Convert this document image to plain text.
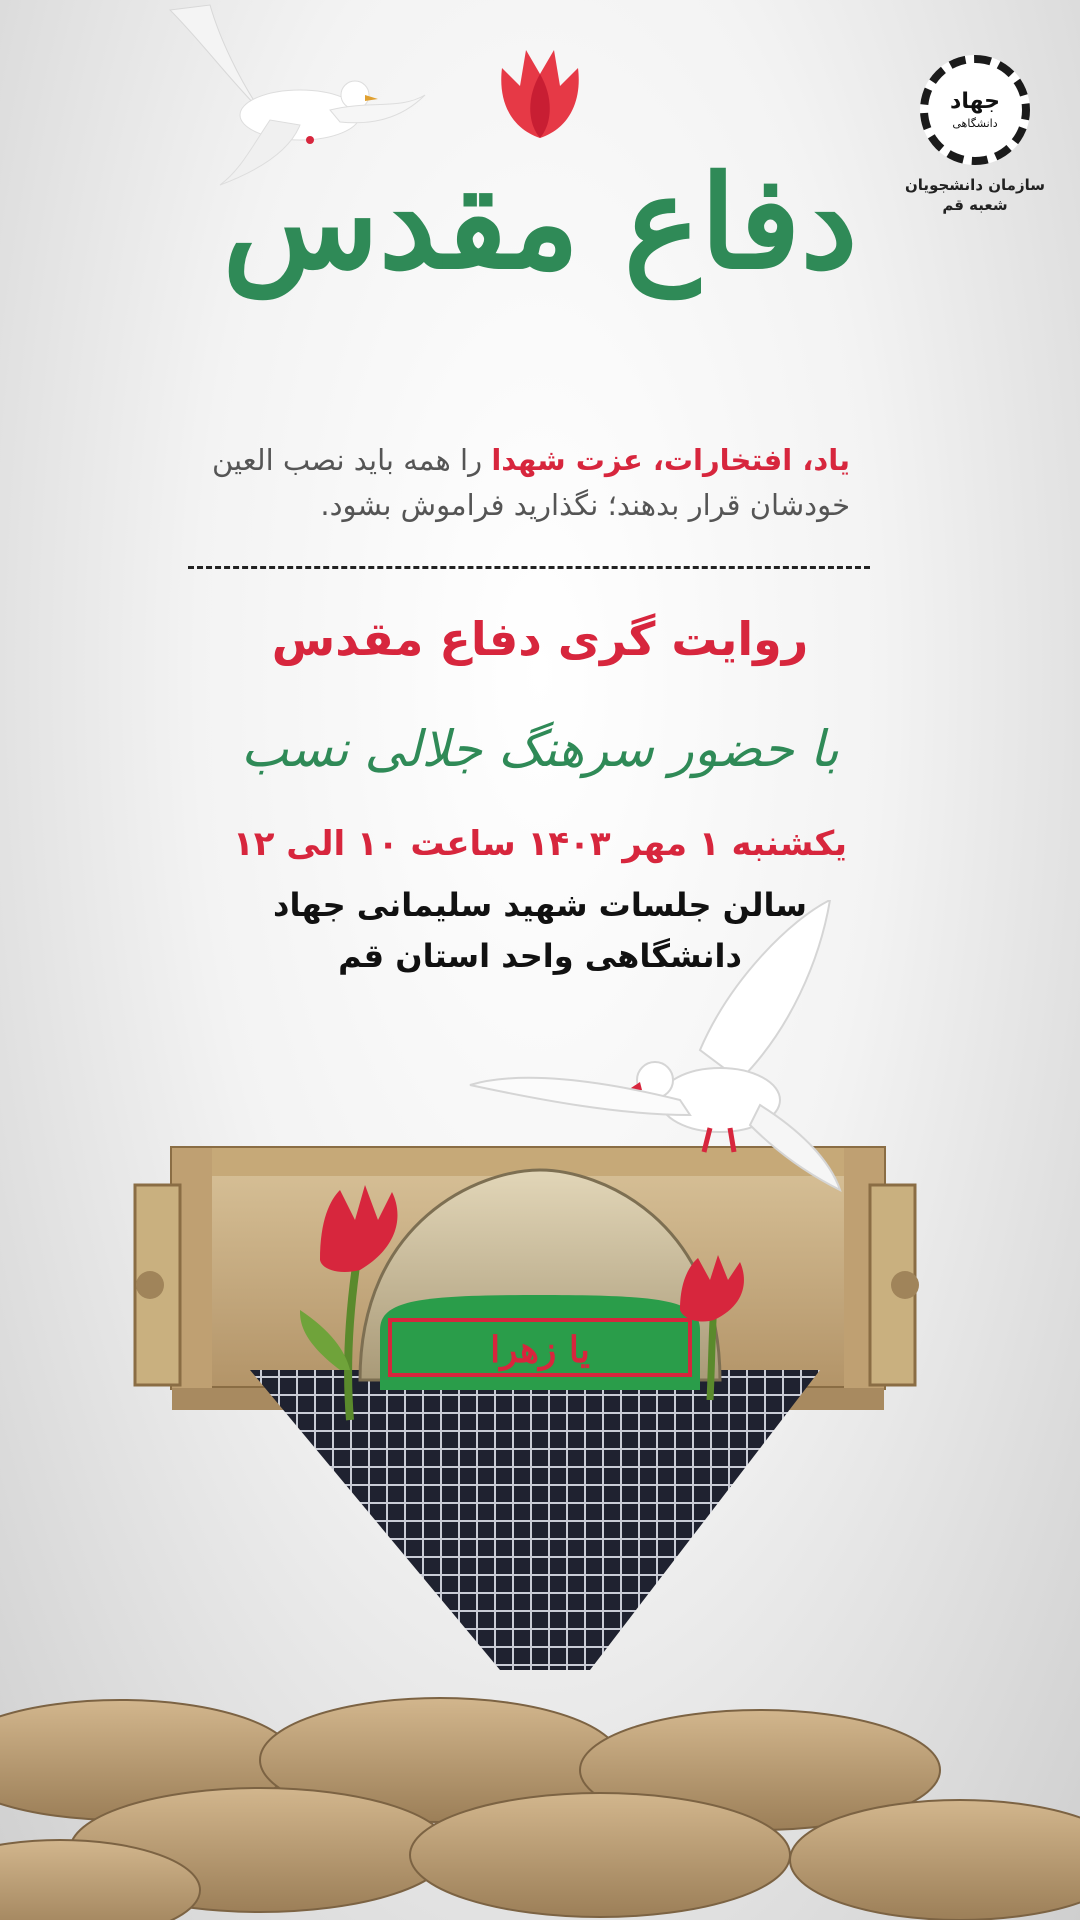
جهاد
دانشگاهی
سازمان دانشجویان
شعبه قم
دفاع مقدس
یاد، افتخارات، عزت شهدا را همه باید نصب العین
خودشان قرار بدهند؛ نگذارید فراموش بشود.
روایت گری دفاع مقدس
با حضور سرهنگ جلالی نسب
یکشنبه ۱ مهر ۱۴۰۳ ساعت ۱۰ الی ۱۲
سالن جلسات شهید سلیمانی جهاد
دانشگاهی واحد استان قم
یا زهرا
